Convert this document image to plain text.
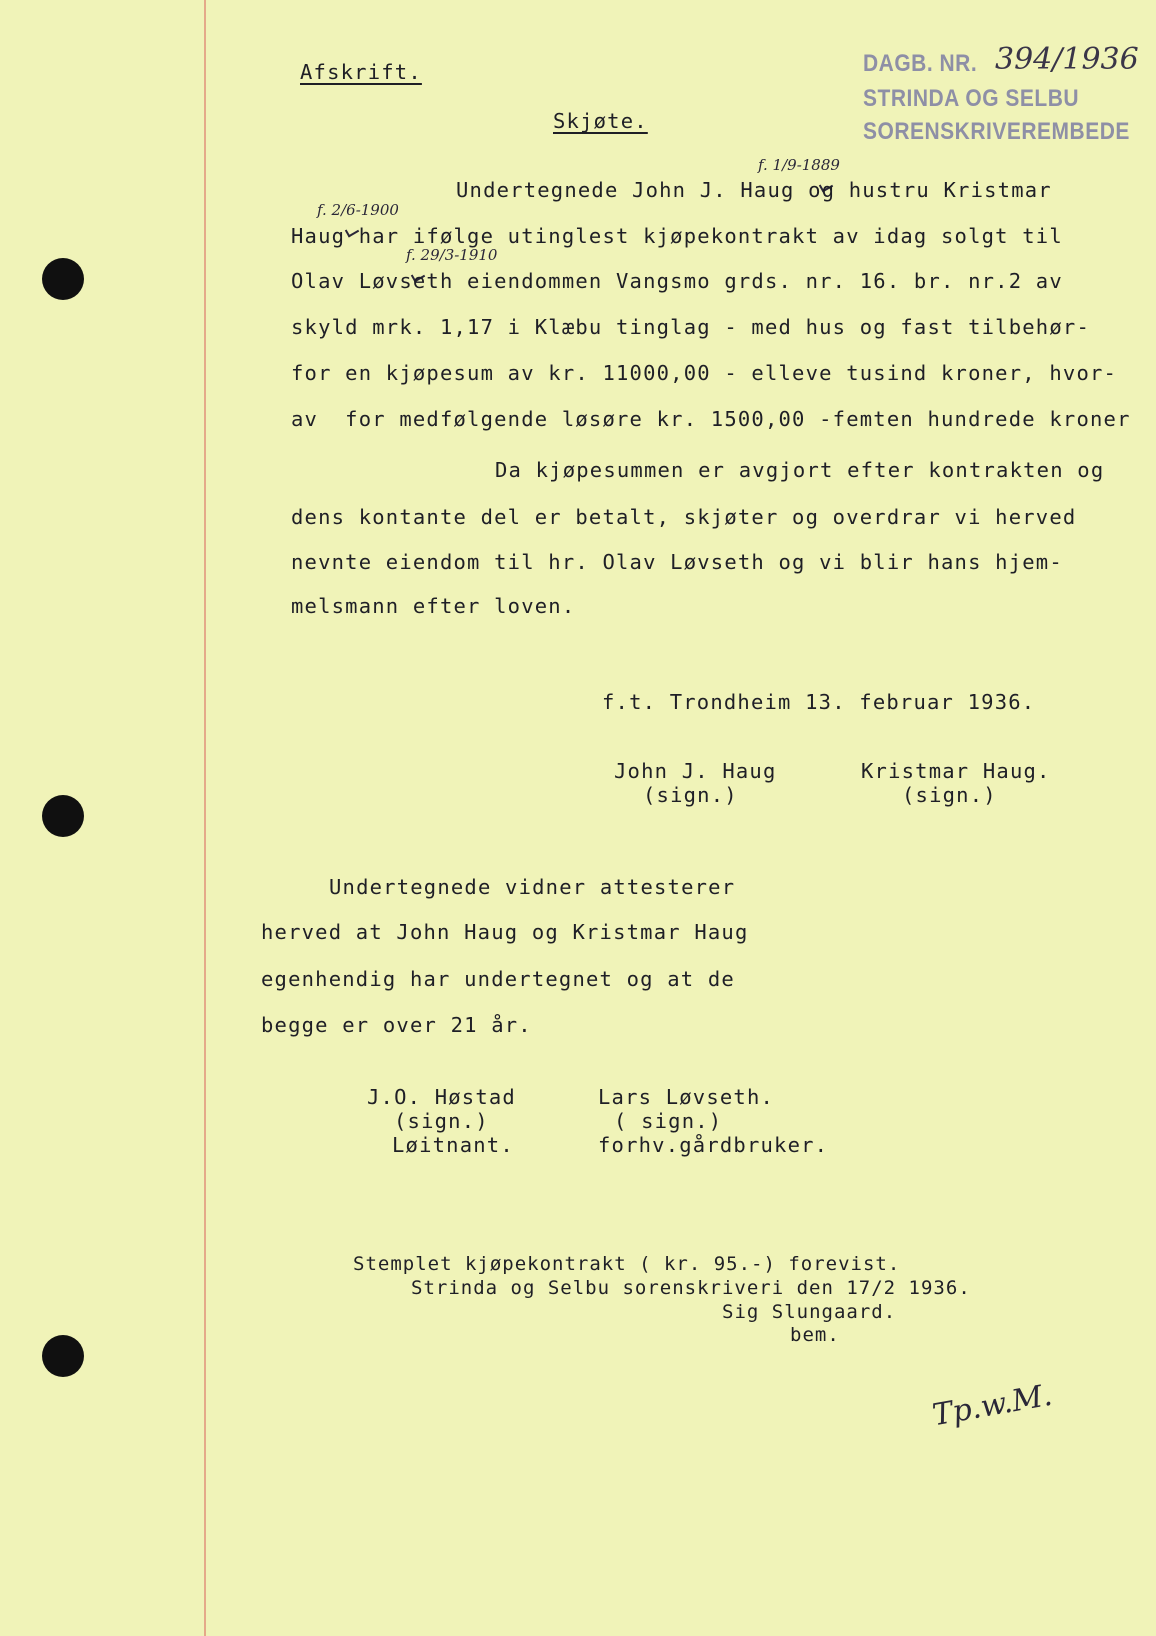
DAGB. NR. 394/1936
STRINDA OG SELBU
SORENSKRIVEREMBEDE
Afskrift.
Skjøte.
f. 1/9-1889
f. 2/6-1900
f. 29/3-1910
Undertegnede John J. Haug og hustru Kristmar
Haug har ifølge utinglest kjøpekontrakt av idag solgt til
Olav Løvseth eiendommen Vangsmo grds. nr. 16. br. nr.2 av
skyld mrk. 1,17 i Klæbu tinglag - med hus og fast tilbehør-
for en kjøpesum av kr. 11000,00 - elleve tusind kroner, hvor-
av  for medfølgende løsøre kr. 1500,00 -femten hundrede kroner
Da kjøpesummen er avgjort efter kontrakten og
dens kontante del er betalt, skjøter og overdrar vi herved
nevnte eiendom til hr. Olav Løvseth og vi blir hans hjem-
melsmann efter loven.
f.t. Trondheim 13. februar 1936.
John J. Haug
(sign.)
Kristmar Haug.
(sign.)
Undertegnede vidner attesterer
herved at John Haug og Kristmar Haug
egenhendig har undertegnet og at de
begge er over 21 år.
J.O. Høstad
(sign.)
Løitnant.
Lars Løvseth.
( sign.)
forhv.gårdbruker.
Stemplet kjøpekontrakt ( kr. 95.-) forevist.
Strinda og Selbu sorenskriveri den 17/2 1936.
Sig Slungaard.
bem.
Tp.w.M.
